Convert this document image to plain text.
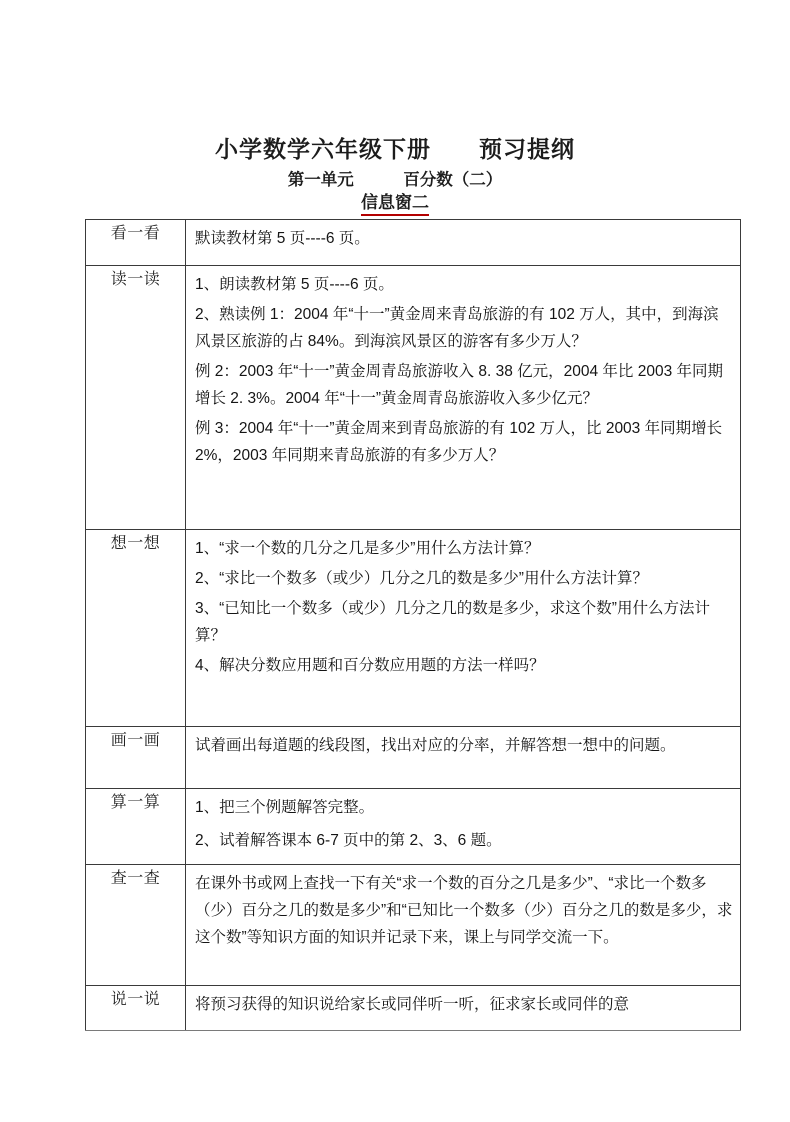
小学数学六年级下册　　预习提纲
第一单元　　　百分数（二）
信息窗二
看一看	默读教材第 5 页----6 页。

读一读	1、朗读教材第 5 页----6 页。

2、熟读例 1：2004 年“十一”黄金周来青岛旅游的有 102 万人，其中，到海滨风景区旅游的占 84%。到海滨风景区的游客有多少万人？

例 2：2003 年“十一”黄金周青岛旅游收入 8. 38 亿元，2004 年比 2003 年同期增长 2. 3%。2004 年“十一”黄金周青岛旅游收入多少亿元？

例 3：2004 年“十一”黄金周来到青岛旅游的有 102 万人，比 2003 年同期增长 2%，2003 年同期来青岛旅游的有多少万人？

想一想	1、“求一个数的几分之几是多少”用什么方法计算？

2、“求比一个数多（或少）几分之几的数是多少”用什么方法计算？

3、“已知比一个数多（或少）几分之几的数是多少，求这个数”用什么方法计算？

4、解决分数应用题和百分数应用题的方法一样吗？

画一画	试着画出每道题的线段图，找出对应的分率，并解答想一想中的问题。

算一算	1、把三个例题解答完整。

2、试着解答课本 6-7 页中的第 2、3、6 题。

查一查	在课外书或网上查找一下有关“求一个数的百分之几是多少”、“求比一个数多（少）百分之几的数是多少”和“已知比一个数多（少）百分之几的数是多少，求这个数”等知识方面的知识并记录下来，课上与同学交流一下。

说一说	将预习获得的知识说给家长或同伴听一听，征求家长或同伴的意
